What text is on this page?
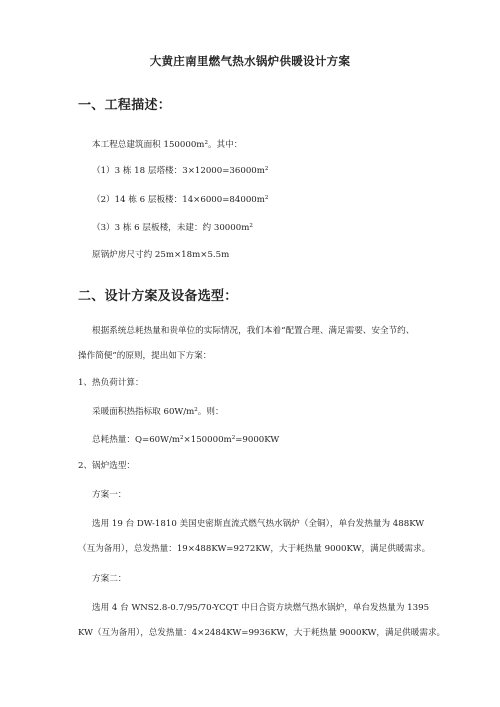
大黄庄南里燃气热水锅炉供暖设计方案
一、工程描述：
本工程总建筑面积 $150000m^2$。其中：
（1）3 栋 18 层塔楼：$3\times 12000=36000m^2$
（2）14 栋 6 层板楼：$14\times 6000=84000m^2$
（3）3 栋 6 层板楼，未建：约 $30000m^2$
原锅炉房尺寸约 25m×18m×5.5m
二、设计方案及设备选型：
根据系统总耗热量和贵单位的实际情况，我们本着“配置合理、满足需要、安全节约、
操作简便”的原则，提出如下方案：
1、热负荷计算：
采暖面积热指标取 $60W/m^2$。则：
总耗热量：$Q=60W/m^2\times 150000m^2=9000KW$
2、锅炉选型：
方案一：
选用 19 台 DW-1810 美国史密斯直流式燃气热水锅炉（全铜），单台发热量为 488KW
（互为备用），总发热量：19×488KW=9272KW，大于耗热量 9000KW，满足供暖需求。
方案二：
选用 4 台 WNS2.8-0.7/95/70-YCQT 中日合资方块燃气热水锅炉，单台发热量为 1395
KW（互为备用），总发热量：4×2484KW=9936KW，大于耗热量 9000KW，满足供暖需求。
